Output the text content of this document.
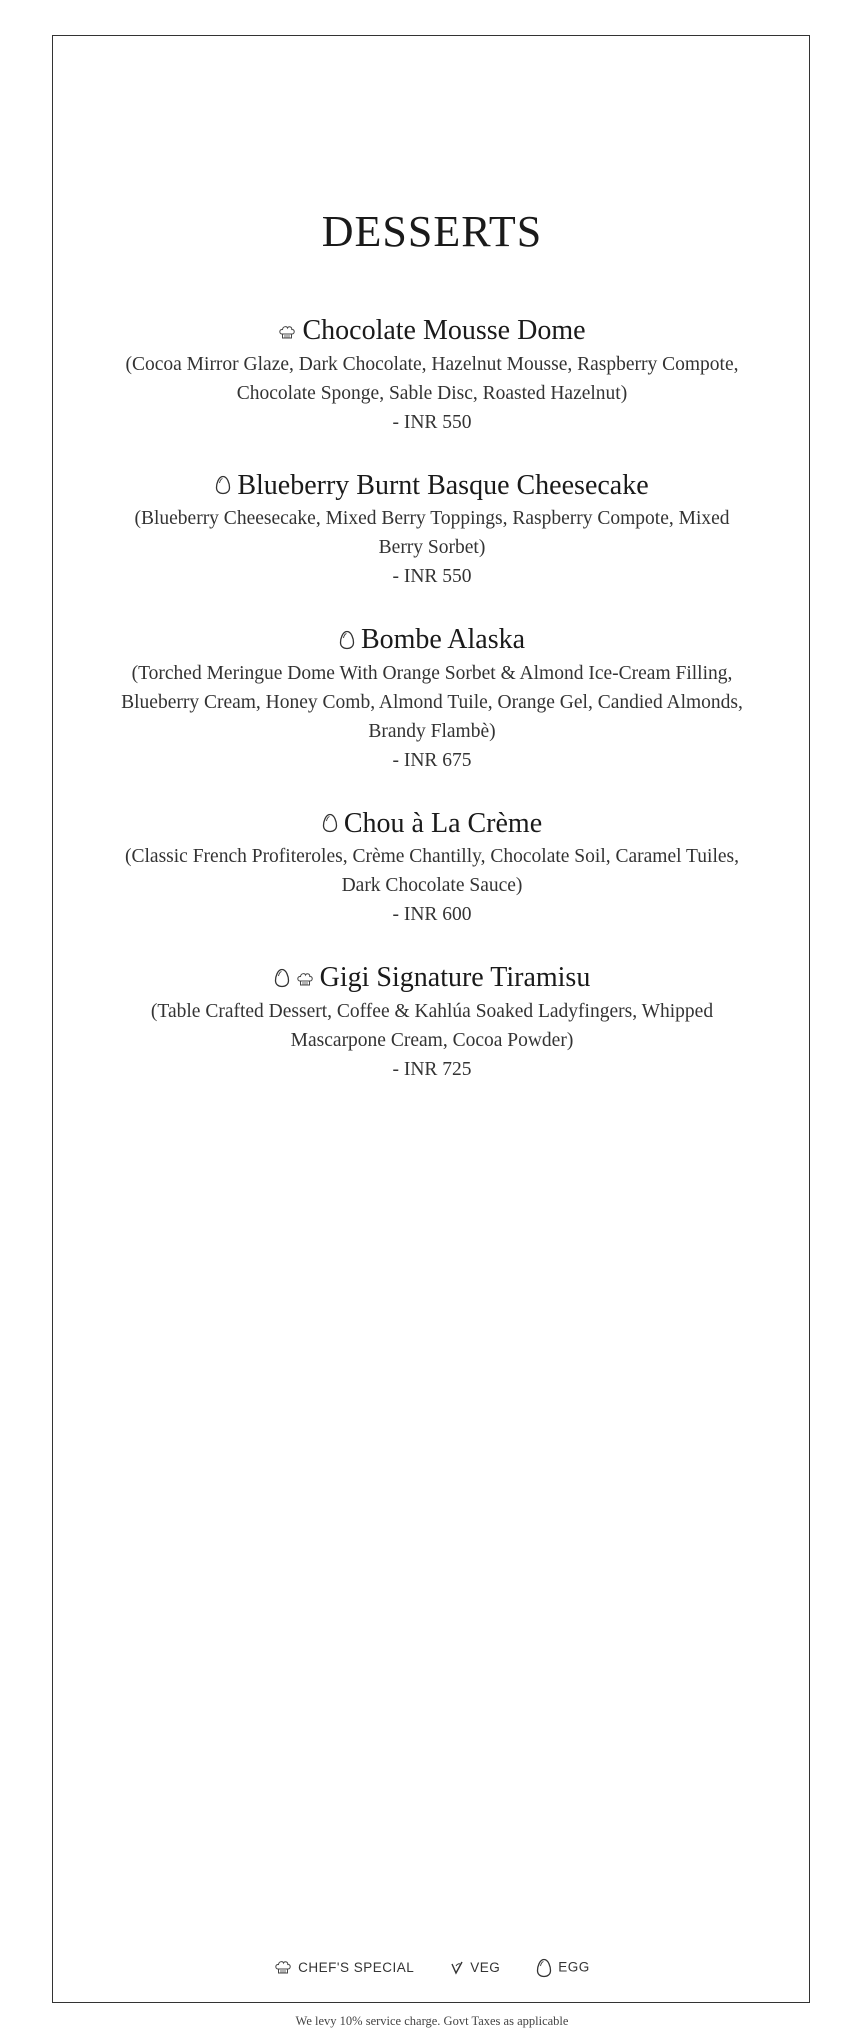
DESSERTS
Chocolate Mousse Dome
(Cocoa Mirror Glaze, Dark Chocolate, Hazelnut Mousse, Raspberry Compote, Chocolate Sponge, Sable Disc, Roasted Hazelnut)
- INR 550
Blueberry Burnt Basque Cheesecake
(Blueberry Cheesecake, Mixed Berry Toppings, Raspberry Compote, Mixed Berry Sorbet)
- INR 550
Bombe Alaska
(Torched Meringue Dome With Orange Sorbet & Almond Ice-Cream Filling, Blueberry Cream, Honey Comb, Almond Tuile, Orange Gel, Candied Almonds, Brandy Flambè)
- INR 675
Chou à La Crème
(Classic French Profiteroles, Crème Chantilly, Chocolate Soil, Caramel Tuiles, Dark Chocolate Sauce)
- INR 600
Gigi Signature Tiramisu
(Table Crafted Dessert, Coffee & Kahlúa Soaked Ladyfingers, Whipped Mascarpone Cream, Cocoa Powder)
- INR 725
CHEF'S SPECIAL	VEG	EGG
We levy 10% service charge. Govt Taxes as applicable
